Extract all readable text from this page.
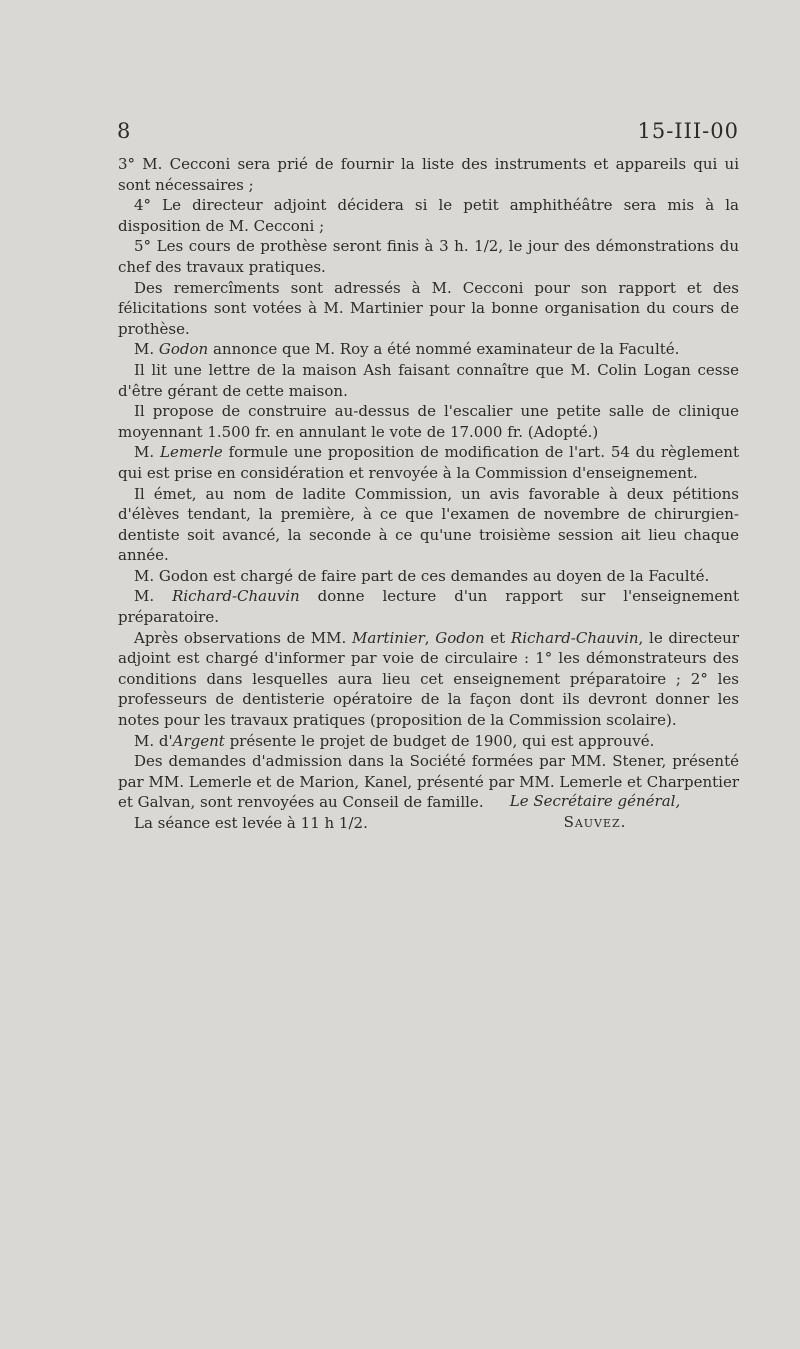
8	15-III-00

3° M. Cecconi sera prié de fournir la liste des instruments et appareils qui ui sont nécessaires ;

4° Le directeur adjoint décidera si le petit amphithéâtre sera mis à la disposition de M. Cecconi ;

5° Les cours de prothèse seront finis à 3 h. 1/2, le jour des démonstrations du chef des travaux pratiques.

Des remercîments sont adressés à M. Cecconi pour son rapport et des félicitations sont votées à M. Martinier pour la bonne organisation du cours de prothèse.

M. Godon annonce que M. Roy a été nommé examinateur de la Faculté.

Il lit une lettre de la maison Ash faisant connaître que M. Colin Logan cesse d'être gérant de cette maison.

Il propose de construire au-dessus de l'escalier une petite salle de clinique moyennant 1.500 fr. en annulant le vote de 17.000 fr. (Adopté.)

M. Lemerle formule une proposition de modification de l'art. 54 du règlement qui est prise en considération et renvoyée à la Commission d'enseignement.

Il émet, au nom de ladite Commission, un avis favorable à deux pétitions d'élèves tendant, la première, à ce que l'examen de novembre de chirurgien-dentiste soit avancé, la seconde à ce qu'une troisième session ait lieu chaque année.

M. Godon est chargé de faire part de ces demandes au doyen de la Faculté.

M. Richard-Chauvin donne lecture d'un rapport sur l'enseignement préparatoire.

Après observations de MM. Martinier, Godon et Richard-Chauvin, le directeur adjoint est chargé d'informer par voie de circulaire : 1° les démonstrateurs des conditions dans lesquelles aura lieu cet enseignement préparatoire ; 2° les professeurs de dentisterie opératoire de la façon dont ils devront donner les notes pour les travaux pratiques (proposition de la Commission scolaire).

M. d'Argent présente le projet de budget de 1900, qui est approuvé.

Des demandes d'admission dans la Société formées par MM. Stener, présenté par MM. Lemerle et de Marion, Kanel, présenté par MM. Lemerle et Charpentier et Galvan, sont renvoyées au Conseil de famille.

La séance est levée à 11 h 1/2.

Le Secrétaire général,
Sauvez.
